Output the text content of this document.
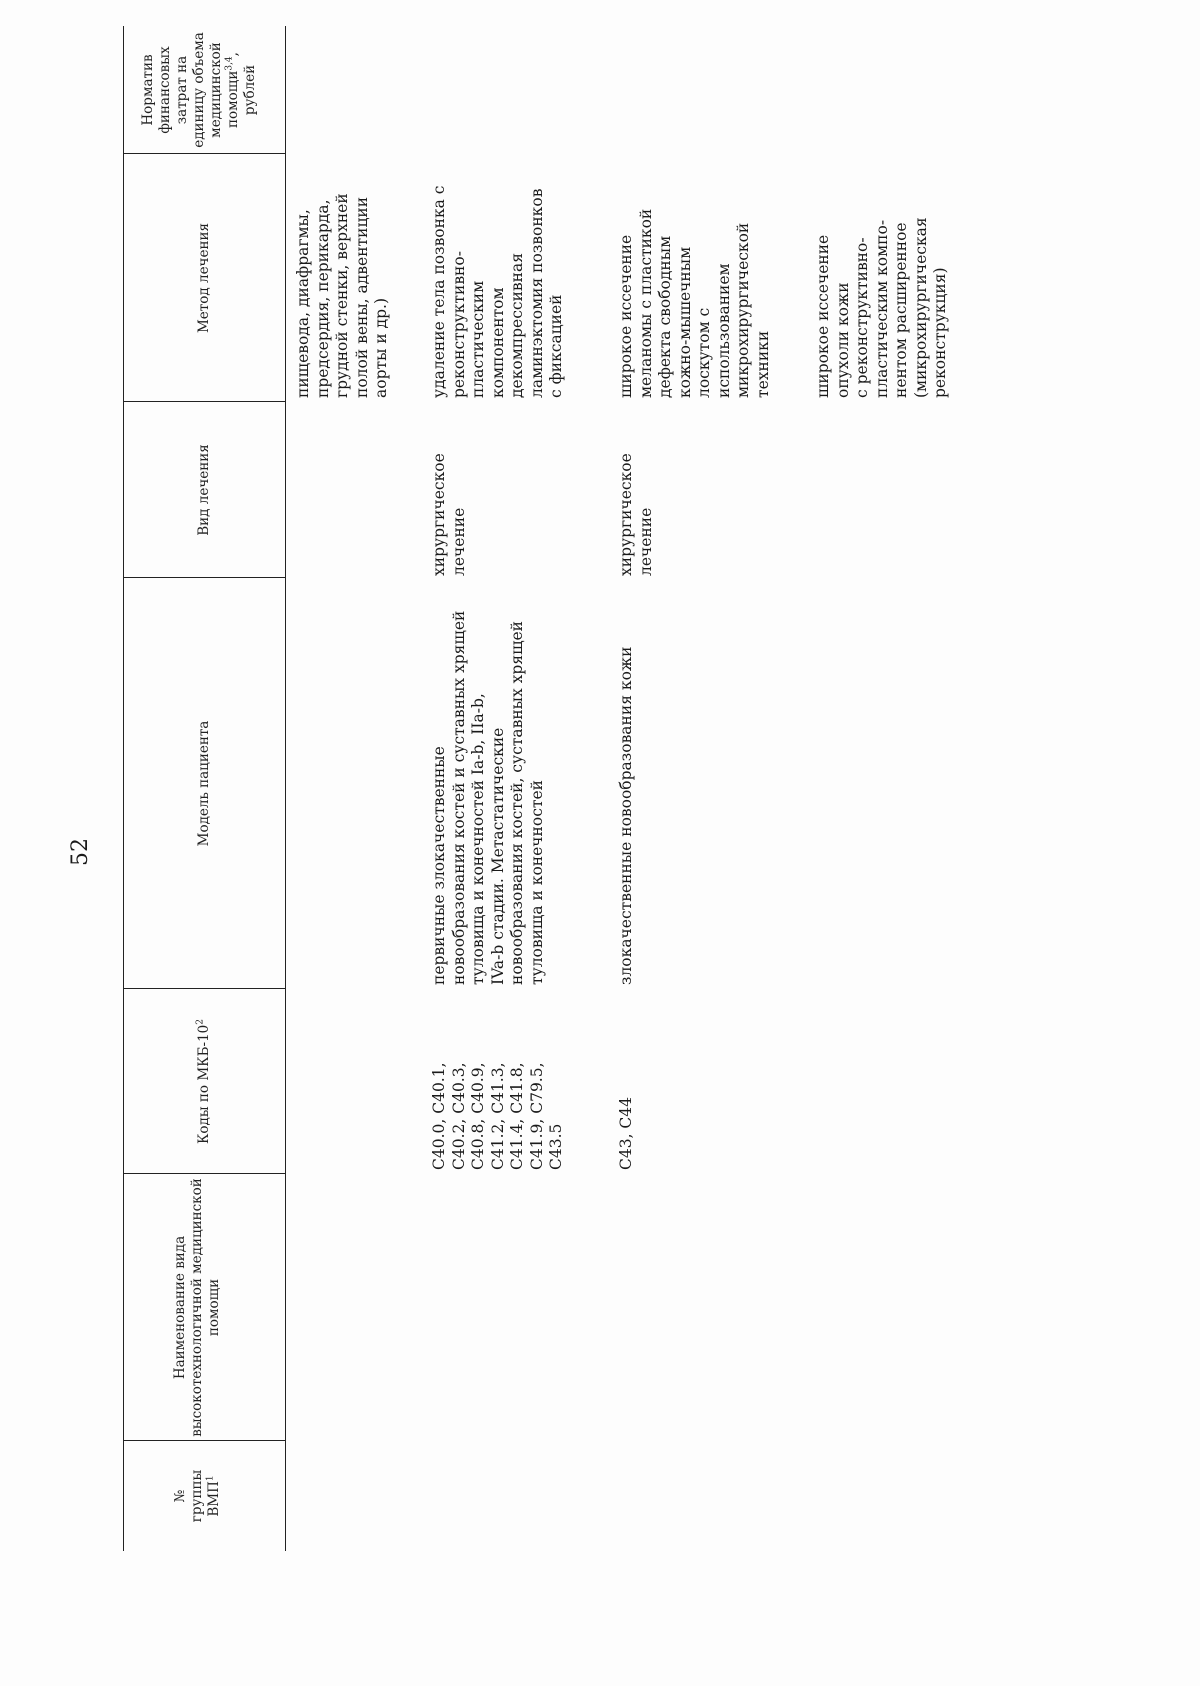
52
№ группы ВМП$^1$
Наименование вида высокотехнологичной медицинской помощи
Коды по МКБ-$10^2$
Модель пациента
Вид лечения
Метод лечения
Норматив финансовых затрат на единицу объема медицинской помощи$^{3,4}$,
рублей
пищевода, диафрагмы, предсердия, перикарда, грудной стенки, верхней полой вены, адвентиции аорты и др.)
C40.0, C40.1, C40.2, C40.3, C40.8, C40.9, C41.2, C41.3, C41.4, C41.8, C41.9, C79.5, C43.5
первичные злокачественные новообразования костей и суставных хрящей туловища и конечностей Ia-b, IIa-b, IVa-b стадии. Метастатические новообразования костей, суставных хрящей туловища и конечностей
хирургическое лечение
удаление тела позвонка с реконструктивно- пластическим компонентом декомпрессивная ламинэктомия позвонков с фиксацией
C43, C44
злокачественные новообразования кожи
хирургическое лечение
широкое иссечение меланомы с пластикой дефекта свободным кожно-мышечным лоскутом с использованием микрохирургической техники	широкое иссечение опухоли кожи с реконструктивно- пластическим компо- нентом расширенное (микрохирургическая реконструкция)
